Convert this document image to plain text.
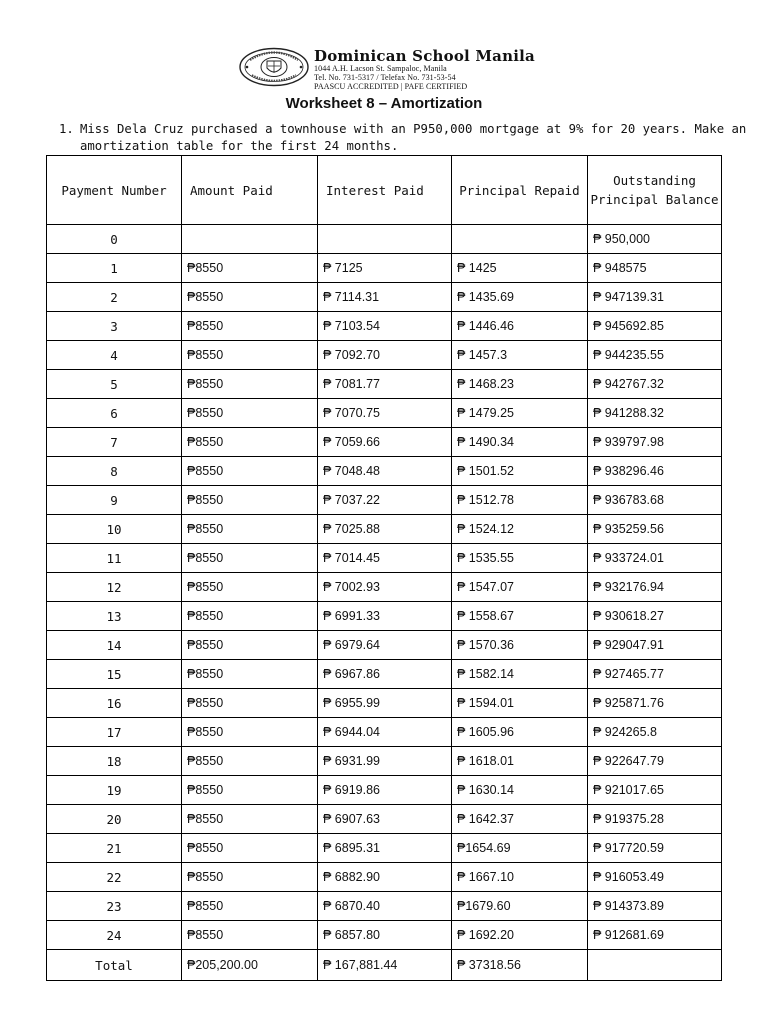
Dominican School Manila
1044 A.H. Lacson St. Sampaloc, Manila
Tel. No. 731-5317 / Telefax No. 731-53-54
PAASCU ACCREDITED | PAFE CERTIFIED
Worksheet 8 – Amortization
1. Miss Dela Cruz purchased a townhouse with an P950,000 mortgage at 9% for 20 years. Make an amortization table for the first 24 months.
Payment Number	Amount Paid	Interest Paid	Principal Repaid	Outstanding Principal Balance
0				₱ 950,000
1	₱8550	₱ 7125	₱ 1425	₱ 948575
2	₱8550	₱ 7114.31	₱ 1435.69	₱ 947139.31
3	₱8550	₱ 7103.54	₱ 1446.46	₱ 945692.85
4	₱8550	₱ 7092.70	₱ 1457.3	₱ 944235.55
5	₱8550	₱ 7081.77	₱ 1468.23	₱ 942767.32
6	₱8550	₱ 7070.75	₱ 1479.25	₱ 941288.32
7	₱8550	₱ 7059.66	₱ 1490.34	₱ 939797.98
8	₱8550	₱ 7048.48	₱ 1501.52	₱ 938296.46
9	₱8550	₱ 7037.22	₱ 1512.78	₱ 936783.68
10	₱8550	₱ 7025.88	₱ 1524.12	₱ 935259.56
11	₱8550	₱ 7014.45	₱ 1535.55	₱ 933724.01
12	₱8550	₱ 7002.93	₱ 1547.07	₱ 932176.94
13	₱8550	₱ 6991.33	₱ 1558.67	₱ 930618.27
14	₱8550	₱ 6979.64	₱ 1570.36	₱ 929047.91
15	₱8550	₱ 6967.86	₱ 1582.14	₱ 927465.77
16	₱8550	₱ 6955.99	₱ 1594.01	₱ 925871.76
17	₱8550	₱ 6944.04	₱ 1605.96	₱ 924265.8
18	₱8550	₱ 6931.99	₱ 1618.01	₱ 922647.79
19	₱8550	₱ 6919.86	₱ 1630.14	₱ 921017.65
20	₱8550	₱ 6907.63	₱ 1642.37	₱ 919375.28
21	₱8550	₱ 6895.31	₱1654.69	₱ 917720.59
22	₱8550	₱ 6882.90	₱ 1667.10	₱ 916053.49
23	₱8550	₱ 6870.40	₱1679.60	₱ 914373.89
24	₱8550	₱ 6857.80	₱ 1692.20	₱ 912681.69
Total	₱205,200.00	₱ 167,881.44	₱ 37318.56	
